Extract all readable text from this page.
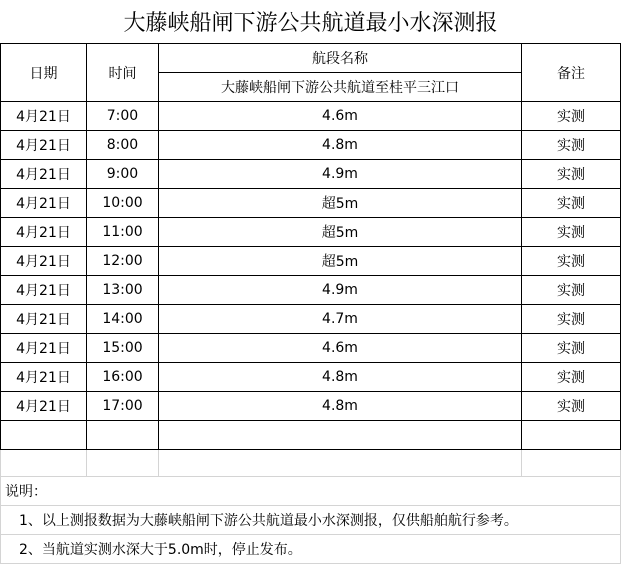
大藤峡船闸下游公共航道最小水深测报
日期	时间	航段名称	备注
		大藤峡船闸下游公共航道至桂平三江口	
4月21日	7:00	4.6m	实测
4月21日	8:00	4.8m	实测
4月21日	9:00	4.9m	实测
4月21日	10:00	超5m	实测
4月21日	11:00	超5m	实测
4月21日	12:00	超5m	实测
4月21日	13:00	4.9m	实测
4月21日	14:00	4.7m	实测
4月21日	15:00	4.6m	实测
4月21日	16:00	4.8m	实测
4月21日	17:00	4.8m	实测

说明：			
1、以上测报数据为大藤峡船闸下游公共航道最小水深测报，仅供船舶航行参考。			
2、当航道实测水深大于5.0m时，停止发布。			
